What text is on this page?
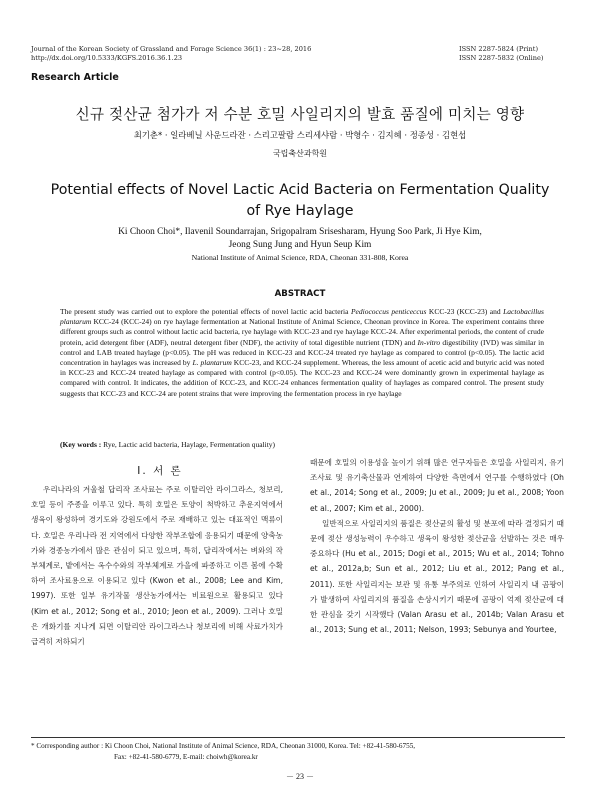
Journal of the Korean Society of Grassland and Forage Science 36(1) : 23~28, 2016
http://dx.doi.org/10.5333/KGFS.2016.36.1.23
ISSN 2287-5824 (Print)
ISSN 2287-5832 (Online)
Research Article
신규 젖산균 첨가가 저 수분 호밀 사일리지의 발효 품질에 미치는 영향
최기춘* · 일라베닐 사운드라잔 · 스리고팔람 스리세샤람 · 박형수 · 김지혜 · 정종성 · 김현섭
국립축산과학원
Potential effects of Novel Lactic Acid Bacteria on Fermentation Quality
of Rye Haylage
Ki Choon Choi*, Ilavenil Soundarrajan, Srigopalram Srisesharam, Hyung Soo Park, Ji Hye Kim,
Jeong Sung Jung and Hyun Seup Kim
National Institute of Animal Science, RDA, Cheonan 331-808, Korea
ABSTRACT
The present study was carried out to explore the potential effects of novel lactic acid bacteria Pediococcus penticeccus KCC-23 (KCC-23) and Lactobacillus plantarum KCC-24 (KCC-24) on rye haylage fermentation at National Institute of Animal Science, Cheonan province in Korea. The experiment contains three different groups such as control without lactic acid bacteria, rye haylage with KCC-23 and rye haylage KCC-24. After experimental periods, the content of crude protein, acid detergent fiber (ADF), neutral detergent fiber (NDF), the activity of total digestible nutrient (TDN) and In-vitro digestibility (IVD) was similar in control and LAB treated haylage (p<0.05). The pH was reduced in KCC-23 and KCC-24 treated rye haylage as compared to control (p<0.05). The lactic acid concentration in haylages was increased by L. plantarum KCC-23, and KCC-24 supplement. Whereas, the less amount of acetic acid and butyric acid was noted in KCC-23 and KCC-24 treated haylage as compared with control (p<0.05). The KCC-23 and KCC-24 were dominantly grown in experimental haylage as compared with control. It indicates, the addition of KCC-23, and KCC-24 enhances fermentation quality of haylages as compared control. The present study suggests that KCC-23 and KCC-24 are potent strains that were improving the fermentation process in rye haylage
(Key words : Rye, Lactic acid bacteria, Haylage, Fermentation quality)
Ⅰ. 서 론

우리나라의 겨울철 답리작 조사료는 주로 이탈리안 라이그라스, 청보리, 호밀 등이 주종을 이루고 있다. 특히 호밀은 토양이 척박하고 추운지역에서 생육이 왕성하여 경기도와 강원도에서 주로 재배하고 있는 대표적인 맥류이다. 호밀은 우리나라 전 지역에서 다양한 작부조합에 응용되기 때문에 양축농가와 경종농가에서 많은 관심이 되고 있으며, 특히, 답리작에서는 벼와의 작부체계로, 밭에서는 옥수수와의 작부체계로 가을에 파종하고 이른 봄에 수확하여 조사료용으로 이용되고 있다 (Kwon et al., 2008; Lee and Kim, 1997). 또한 일부 유기작물 생산농가에서는 비료원으로 활용되고 있다 (Kim et al., 2012; Song et al., 2010; Jeon et al., 2009). 그러나 호밀은 개화기를 지나게 되면 이탈리안 라이그라스나 청보리에 비해 사료가치가 급격히 저하되기

때문에 호밀의 이용성을 높이기 위해 많은 연구자들은 호밀을 사일리지, 유기조사료 및 유기축산물과 연계하여 다양한 측면에서 연구를 수행하였다 (Oh et al., 2014; Song et al., 2009; Ju et al., 2009; Ju et al., 2008; Yoon et al., 2007; Kim et al., 2000).

일반적으로 사일리지의 품질은 젖산균의 활성 및 분포에 따라 결정되기 때문에 젖산 생성능력이 우수하고 생육이 왕성한 젖산균을 선발하는 것은 매우 중요하다 (Hu et al., 2015; Dogi et al., 2015; Wu et al., 2014; Tohno et al., 2012a,b; Sun et al., 2012; Liu et al., 2012; Pang et al., 2011). 또한 사일리지는 보관 및 유통 부주의로 인하여 사일리지 내 곰팡이가 발생하여 사일리지의 품질을 손상시키기 때문에 곰팡이 억제 젖산균에 대한 관심을 갖기 시작했다 (Valan Arasu et al., 2014b; Valan Arasu et al., 2013; Sung et al., 2011; Nelson, 1993; Sebunya and Yourtee,

* Corresponding author : Ki Choon Choi, National Institute of Animal Science, RDA, Cheonan 31000, Korea. Tel: +82-41-580-6755,
Fax: +82-41-580-6779, E-mail: choiwh@korea.kr
－ 23 －
